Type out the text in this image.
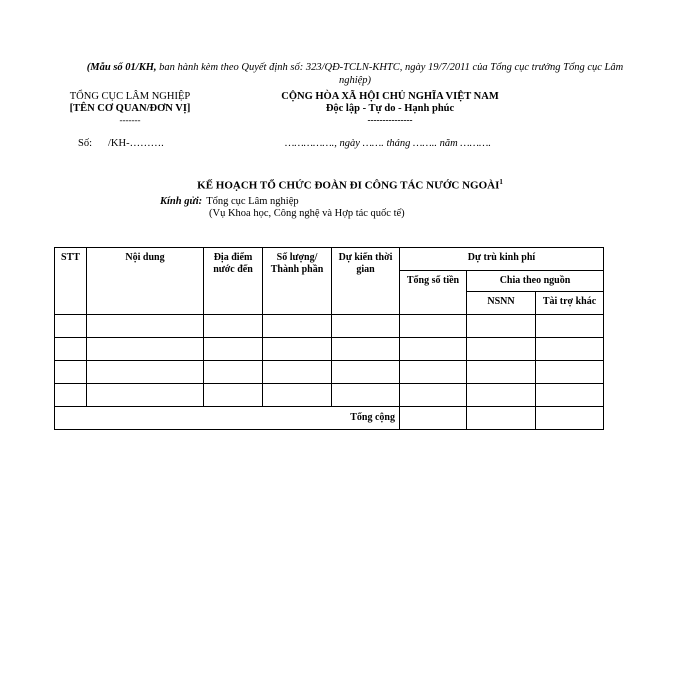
(Mẫu số 01/KH, ban hành kèm theo Quyết định số: 323/QĐ-TCLN-KHTC, ngày 19/7/2011 của Tổng cục trưởng Tổng cục Lâm nghiệp)
TỔNG CỤC LÂM NGHIỆP
[TÊN CƠ QUAN/ĐƠN VỊ]
-------
CỘNG HÒA XÃ HỘI CHỦ NGHĨA VIỆT NAM
Độc lập - Tự do - Hạnh phúc
---------------
Số: /KH-……….	……………., ngày ……. tháng …….. năm ……….
KẾ HOẠCH TỔ CHỨC ĐOÀN ĐI CÔNG TÁC NƯỚC NGOÀI$^1$
Kính gửi: Tổng cục Lâm nghiệp
(Vụ Khoa học, Công nghệ và Hợp tác quốc tế)
STT	Nội dung	Địa điểm nước đến	Số lượng/ Thành phần	Dự kiến thời gian	Dự trù kinh phí		
					Tổng số tiền	Chia theo nguồn	
						NSNN	Tài trợ khác

Tổng cộng							
